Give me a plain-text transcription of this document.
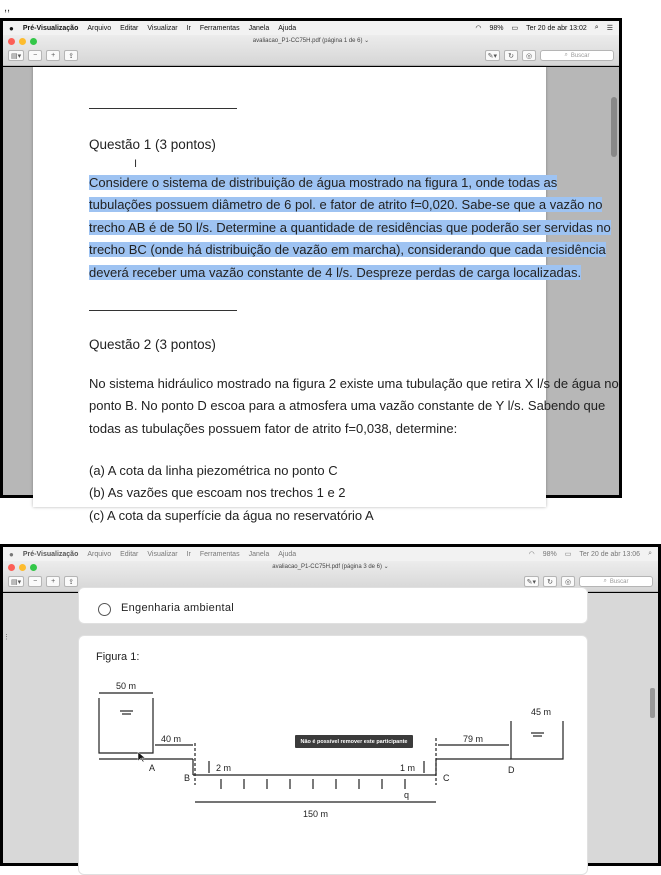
,,
● Pré-Visualização Arquivo Editar Visualizar Ir Ferramentas Janela Ajuda	◠ 98% ▭ Ter 20 de abr 13:02 ⌕ ☰
avaliacao_P1-CC75H.pdf (página 1 de 6) ⌄
▤▾	−	+	⇪	✎▾	↻	◎	⌕ Buscar
Questão 1 (3 pontos)
I
Considere o sistema de distribuição de água mostrado na figura 1, onde todas as
tubulações possuem diâmetro de 6 pol. e fator de atrito f=0,020. Sabe-se que a vazão no
trecho AB é de 50 l/s. Determine a quantidade de residências que poderão ser servidas no
trecho BC (onde há distribuição de vazão em marcha), considerando que cada residência
deverá receber uma vazão constante de 4 l/s. Despreze perdas de carga localizadas.
Questão 2 (3 pontos)
No sistema hidráulico mostrado na figura 2 existe uma tubulação que retira X l/s de água no
ponto B. No ponto D escoa para a atmosfera uma vazão constante de Y l/s. Sabendo que
todas as tubulações possuem fator de atrito f=0,038, determine:
(a) A cota da linha piezométrica no ponto C
(b) As vazões que escoam nos trechos 1 e 2
(c) A cota da superfície da água no reservatório A
● Pré-Visualização Arquivo Editar Visualizar Ir Ferramentas Janela Ajuda	◠ 98% ▭ Ter 20 de abr 13:06 ⌕
avaliacao_P1-CC75H.pdf (página 3 de 6) ⌄
▤▾	−	+	⇪	✎▾	↻	◎	⌕ Buscar
⋮
Engenharia ambiental
Figura 1:
50 m
45 m
40 m	79 m
2 m	1 m
150 m
q
A
B	C
D
Não é possível remover este participante
